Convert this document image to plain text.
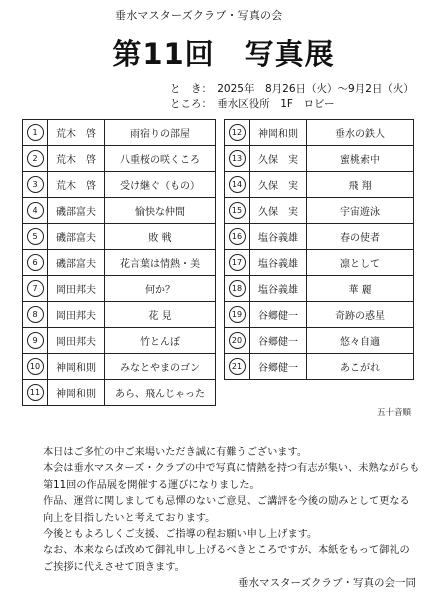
垂水マスターズクラブ・写真の会
第11回　写真展
と　き：　2025年　8月26日（火）～9月2日（火）
ところ：　垂水区役所　1F　ロビー
1	荒木　啓	雨宿りの部屋
2	荒木　啓	八重桜の咲くころ
3	荒木　啓	受け継ぐ（もの）
4	磯部富夫	愉快な仲間
5	磯部富夫	敗 戦
6	磯部富夫	花言葉は情熱・美
7	岡田邦夫	何か？
8	岡田邦夫	花 見
9	岡田邦夫	竹とんぼ
10	神岡和則	みなとやまのゴン
11	神岡和則	あら、飛んじゃった
12	神岡和則	垂水の鉄人
13	久保　実	蜜桃索中
14	久保　実	飛 翔
15	久保　実	宇宙遊泳
16	塩谷義雄	春の使者
17	塩谷義雄	凛として
18	塩谷義雄	華 麗
19	谷郷健一	奇跡の惑星
20	谷郷健一	悠々自適
21	谷郷健一	あこがれ
五十音順

本日はご多忙の中ご来場いただき誠に有難うございます。

本会は垂水マスターズ・クラブの中で写真に情熱を持つ有志が集い、未熟ながらも

第11回の作品展を開催する運びになりました。

作品、運営に関しましても忌憚のないご意見、ご講評を今後の励みとして更なる

向上を目指したいと考えております。

今後ともよろしくご支援、ご指導の程お願い申し上げます。

なお、本来ならば改めて御礼申し上げるべきところですが、本紙をもって御礼の

ご挨拶に代えさせて頂きます。

垂水マスターズクラブ・写真の会一同
